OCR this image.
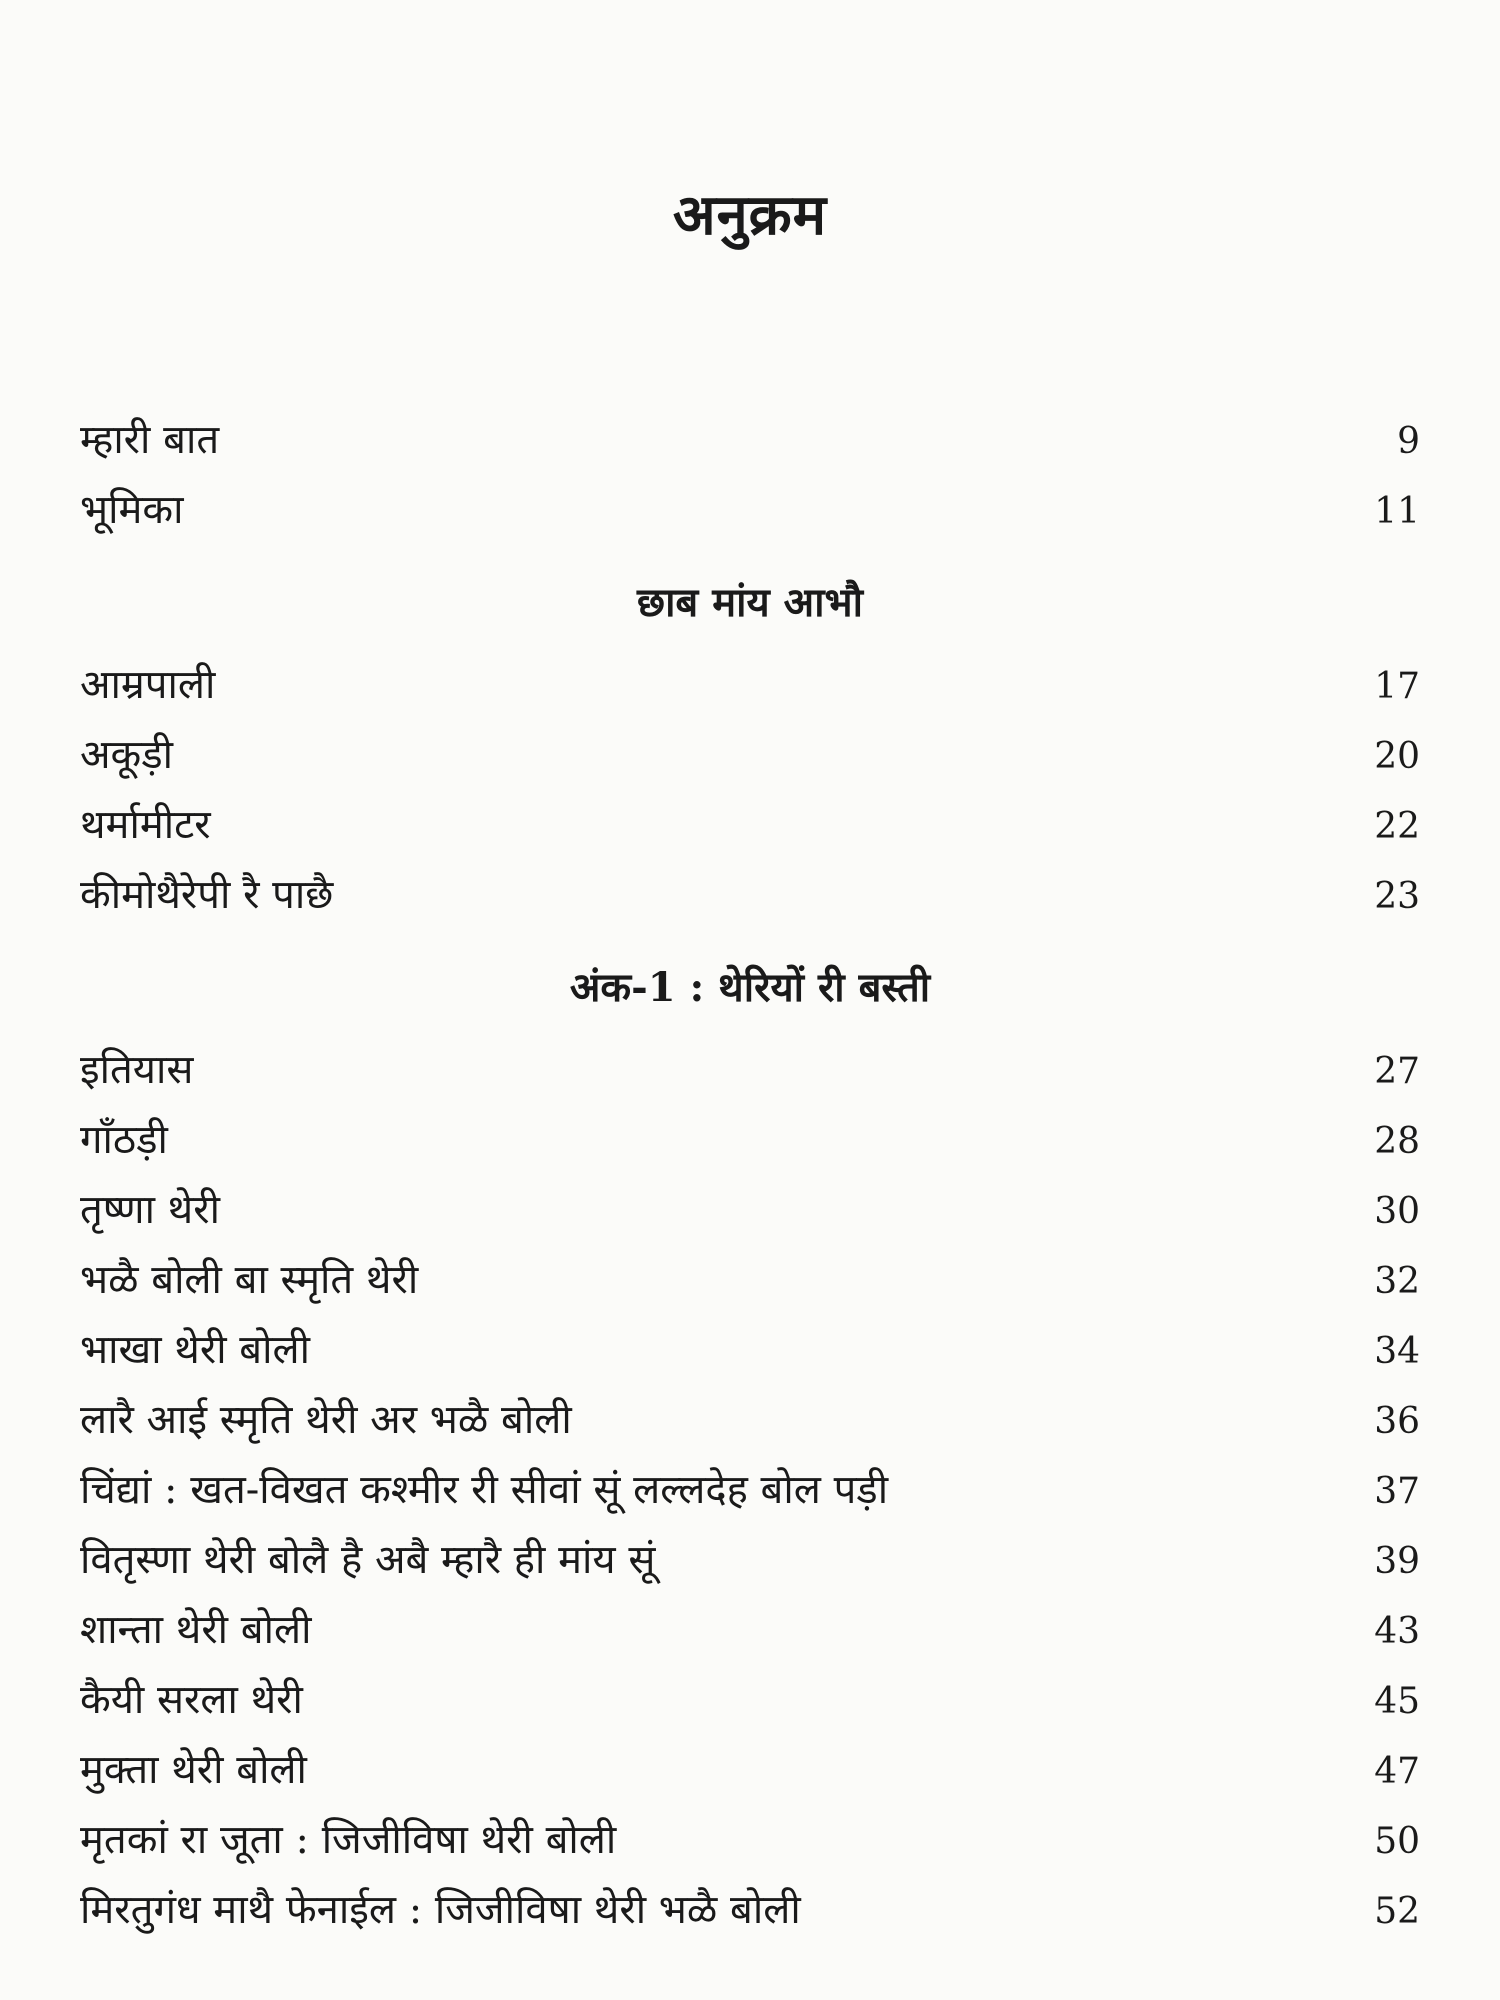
अनुक्रम
म्हारी बात	9
भूमिका	11
छाब मांय आभौ
आम्रपाली	17
अकूड़ी	20
थर्मामीटर	22
कीमोथैरेपी रै पाछै	23
अंक-1 : थेरियों री बस्ती
इतियास	27
गाँठड़ी	28
तृष्णा थेरी	30
भळै बोली बा स्मृति थेरी	32
भाखा थेरी बोली	34
लारै आई स्मृति थेरी अर भळै बोली	36
चिंद्यां : खत-विखत कश्मीर री सीवां सूं लल्लदेह बोल पड़ी	37
वितृस्णा थेरी बोलै है अबै म्हारै ही मांय सूं	39
शान्ता थेरी बोली	43
कैयी सरला थेरी	45
मुक्ता थेरी बोली	47
मृतकां रा जूता : जिजीविषा थेरी बोली	50
मिरतुगंध माथै फेनाईल : जिजीविषा थेरी भळै बोली	52
